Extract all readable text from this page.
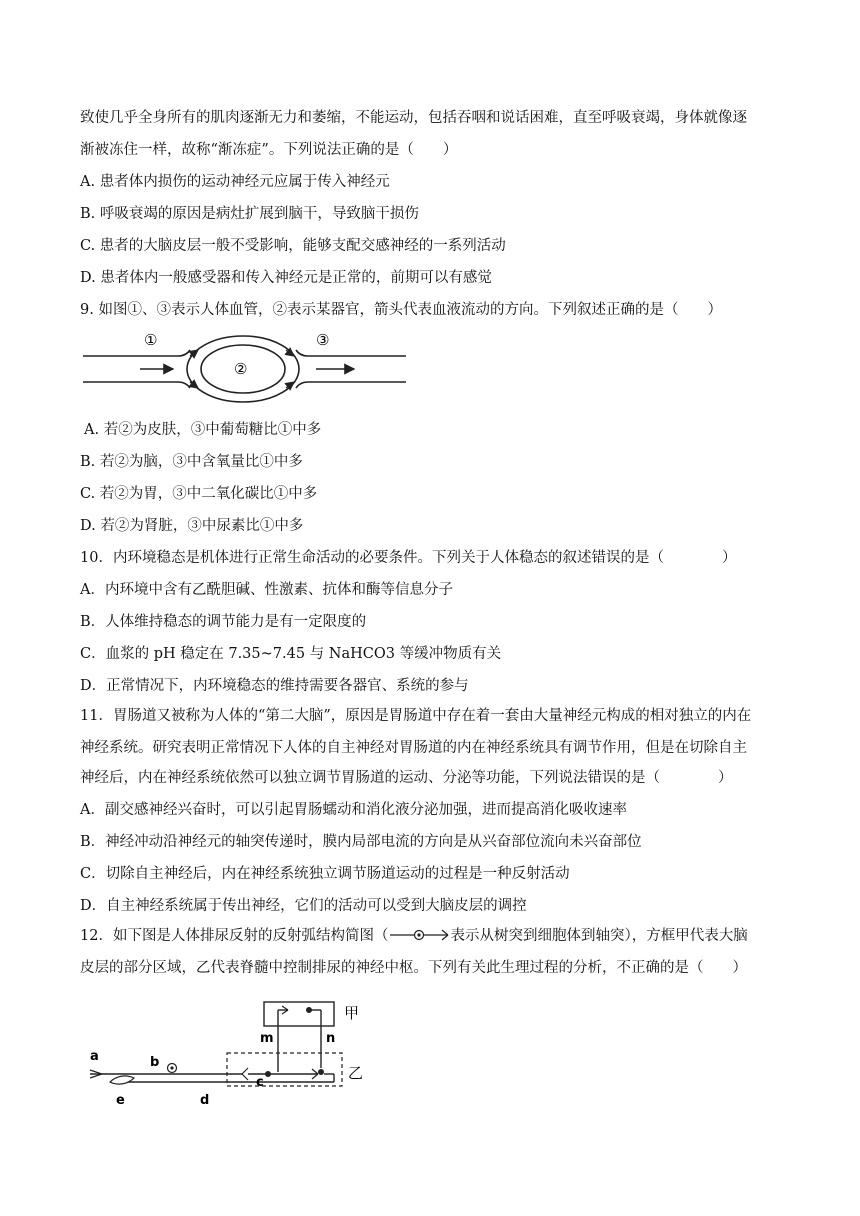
致使几乎全身所有的肌肉逐渐无力和萎缩，不能运动，包括吞咽和说话困难，直至呼吸衰竭，身体就像逐
渐被冻住一样，故称“渐冻症”。下列说法正确的是（　　）
A. 患者体内损伤的运动神经元应属于传入神经元
B. 呼吸衰竭的原因是病灶扩展到脑干，导致脑干损伤
C. 患者的大脑皮层一般不受影响，能够支配交感神经的一系列活动
D. 患者体内一般感受器和传入神经元是正常的，前期可以有感觉
9. 如图①、③表示人体血管，②表示某器官，箭头代表血液流动的方向。下列叙述正确的是（　　）
①
②
③
A. 若②为皮肤，③中葡萄糖比①中多
B. 若②为脑，③中含氧量比①中多
C. 若②为胃，③中二氧化碳比①中多
D. 若②为肾脏，③中尿素比①中多
10．内环境稳态是机体进行正常生命活动的必要条件。下列关于人体稳态的叙述错误的是（　　　　）
A．内环境中含有乙酰胆碱、性激素、抗体和酶等信息分子
B．人体维持稳态的调节能力是有一定限度的
C．血浆的 pH 稳定在 7.35~7.45 与 NaHCO3 等缓冲物质有关
D．正常情况下，内环境稳态的维持需要各器官、系统的参与
11．胃肠道又被称为人体的“第二大脑”，原因是胃肠道中存在着一套由大量神经元构成的相对独立的内在
神经系统。研究表明正常情况下人体的自主神经对胃肠道的内在神经系统具有调节作用，但是在切除自主
神经后，内在神经系统依然可以独立调节胃肠道的运动、分泌等功能，下列说法错误的是（　　　　）
A．副交感神经兴奋时，可以引起胃肠蠕动和消化液分泌加强，进而提高消化吸收速率
B．神经冲动沿神经元的轴突传递时，膜内局部电流的方向是从兴奋部位流向未兴奋部位
C．切除自主神经后，内在神经系统独立调节肠道运动的过程是一种反射活动
D．自主神经系统属于传出神经，它们的活动可以受到大脑皮层的调控
12．如下图是人体排尿反射的反射弧结构简图（	表示从树突到细胞体到轴突），方框甲代表大脑
皮层的部分区域，乙代表脊髓中控制排尿的神经中枢。下列有关此生理过程的分析，不正确的是（　　）
甲
乙
a	b
c
d
e
m	n
